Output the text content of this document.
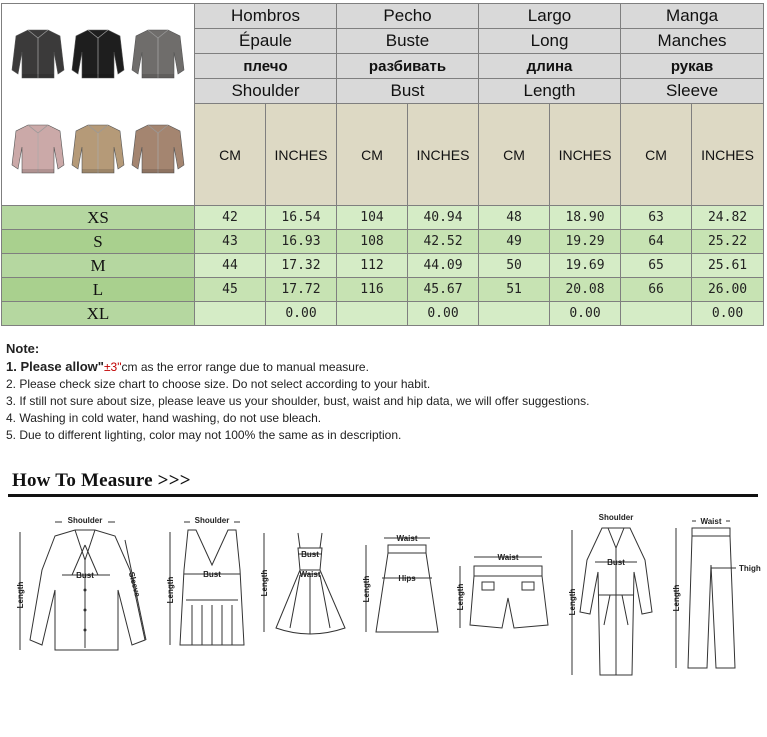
	Hombros		Pecho		Largo		Manga	
	Épaule		Buste		Long		Manches	
	плечо		разбивать		длина		рукав	
	Shoulder		Bust		Length		Sleeve	
	CM	INCHES	CM	INCHES	CM	INCHES	CM	INCHES
XS	42	16.54	104	40.94	48	18.90	63	24.82
S	43	16.93	108	42.52	49	19.29	64	25.22
M	44	17.32	112	44.09	50	19.69	65	25.61
L	45	17.72	116	45.67	51	20.08	66	26.00
XL		0.00		0.00		0.00		0.00
Note:
1. Please allow"±3"cm as the error range due to manual measure.
2. Please check size chart to choose size. Do not select according to your habit.
3. If still not sure about size, please leave us your shoulder, bust, waist and hip data, we will offer suggestions.
4. Washing in cold water, hand washing, do not use bleach.
5. Due to different lighting, color may not 100% the same as in description.
How To Measure >>>
Shoulder
Bust
Length	Sleeve
Shoulder
Bust
Length
Bust
Waist
Length
Waist
Hips
Length
Waist
Length
Shoulder
Bust
Length
Waist
Thigh
Length
